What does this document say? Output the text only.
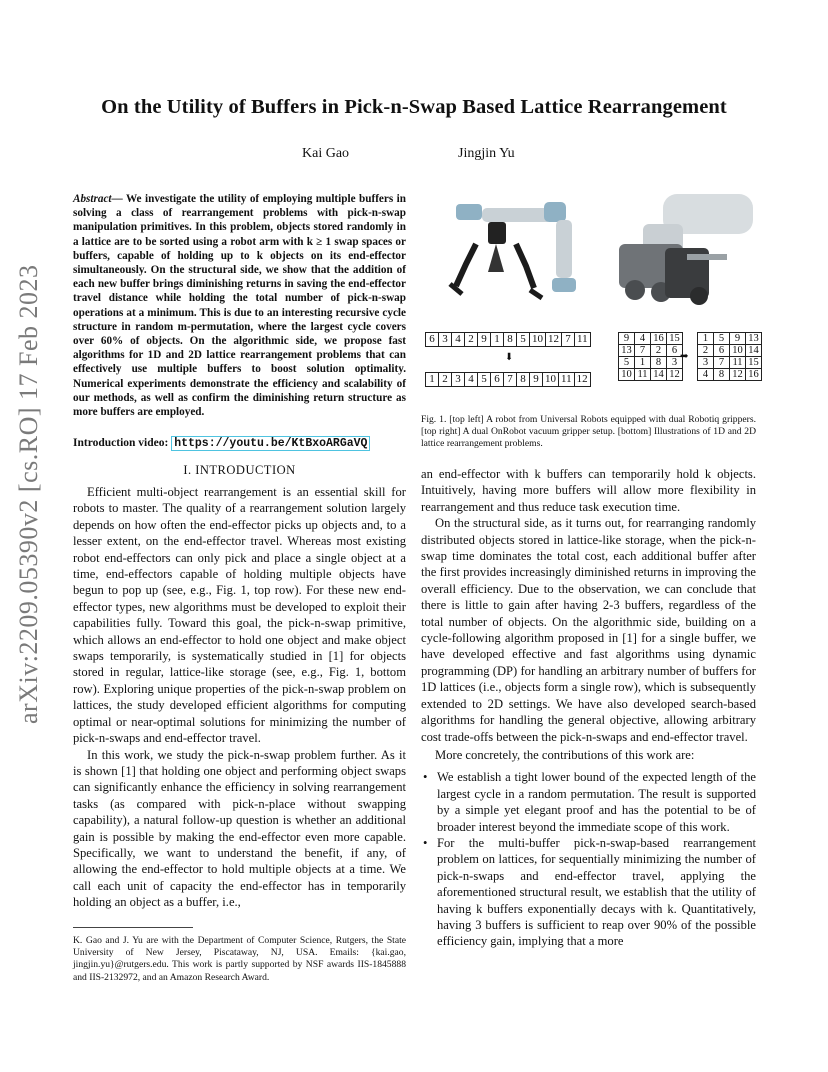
On the Utility of Buffers in Pick-n-Swap Based Lattice Rearrangement
Kai Gao	Jingjin Yu
arXiv:2209.05390v2 [cs.RO] 17 Feb 2023
Abstract— We investigate the utility of employing multiple buffers in solving a class of rearrangement problems with pick-n-swap manipulation primitives. In this problem, objects stored randomly in a lattice are to be sorted using a robot arm with k ≥ 1 swap spaces or buffers, capable of holding up to k objects on its end-effector simultaneously. On the structural side, we show that the addition of each new buffer brings diminishing returns in saving the end-effector travel distance while holding the total number of pick-n-swap operations at a minimum. This is due to an interesting recursive cycle structure in random m-permutation, where the largest cycle covers over 60% of objects. On the algorithmic side, we propose fast algorithms for 1D and 2D lattice rearrangement problems that can effectively use multiple buffers to boost solution optimality. Numerical experiments demonstrate the efficiency and scalability of our methods, as well as confirm the diminishing return structure as more buffers are employed.
Introduction video: https://youtu.be/KtBxoARGaVQ
I. INTRODUCTION

Efficient multi-object rearrangement is an essential skill for robots to master. The quality of a rearrangement solution largely depends on how often the end-effector picks up objects and, to a lesser extent, on the end-effector travel. Whereas most existing robot end-effectors can only pick and place a single object at a time, end-effectors capable of holding multiple objects have begun to pop up (see, e.g., Fig. 1, top row). For these new end-effector types, new algorithms must be developed to exploit their capabilities fully. Toward this goal, the pick-n-swap primitive, which allows an end-effector to hold one object and make object swaps temporarily, is systematically studied in [1] for objects stored in regular, lattice-like storage (see, e.g., Fig. 1, bottom row). Exploring unique properties of the pick-n-swap problem on lattices, the study developed efficient algorithms for computing optimal or near-optimal solutions for minimizing the number of pick-n-swaps and end-effector travel.

In this work, we study the pick-n-swap problem further. As it is shown [1] that holding one object and performing object swaps can significantly enhance the efficiency in solving rearrangement tasks (as compared with pick-n-place without swapping capability), a natural follow-up question is whether an additional gain is possible by making the end-effector even more capable. Specifically, we want to understand the benefit, if any, of allowing the end-effector to hold multiple objects at a time. We call each unit of capacity the end-effector has in temporarily holding an object as a buffer, i.e.,

K. Gao and J. Yu are with the Department of Computer Science, Rutgers, the State University of New Jersey, Piscataway, NJ, USA. Emails: {kai.gao, jingjin.yu}@rutgers.edu. This work is partly supported by NSF awards IIS-1845888 and IIS-2132972, and an Amazon Research Award.
6	3	4	2	9	1	8	5	10	12	7	11
⬇
1	2	3	4	5	6	7	8	9	10	11	12
9	4	16	15
13	7	2	6
5	1	8	3
10	11	14	12
➡
1	5	9	13
2	6	10	14
3	7	11	15
4	8	12	16
Fig. 1. [top left] A robot from Universal Robots equipped with dual Robotiq grippers. [top right] A dual OnRobot vacuum gripper setup. [bottom] Illustrations of 1D and 2D lattice rearrangement problems.

an end-effector with k buffers can temporarily hold k objects. Intuitively, having more buffers will allow more flexibility in rearrangement and thus reduce task execution time.

On the structural side, as it turns out, for rearranging randomly distributed objects stored in lattice-like storage, when the pick-n-swap time dominates the total cost, each additional buffer after the first provides increasingly diminished returns in improving the overall efficiency. Due to the observation, we can conclude that there is little to gain after having 2-3 buffers, regardless of the total number of objects. On the algorithmic side, building on a cycle-following algorithm proposed in [1] for a single buffer, we have developed effective and fast algorithms using dynamic programming (DP) for handling an arbitrary number of buffers for 1D lattices (i.e., objects form a single row), which is subsequently extended to 2D settings. We have also developed search-based algorithms for handling the general objective, allowing arbitrary cost trade-offs between the pick-n-swaps and end-effector travel.

More concretely, the contributions of this work are:

• We establish a tight lower bound of the expected length of the largest cycle in a random permutation. The result is supported by a simple yet elegant proof and has the potential to be of broader interest beyond the immediate scope of this work.
• For the multi-buffer pick-n-swap-based rearrangement problem on lattices, for sequentially minimizing the number of pick-n-swaps and end-effector travel, applying the aforementioned structural result, we establish that the utility of having k buffers exponentially decays with k. Quantitatively, having 3 buffers is sufficient to reap over 90% of the possible efficiency gain, implying that a more
